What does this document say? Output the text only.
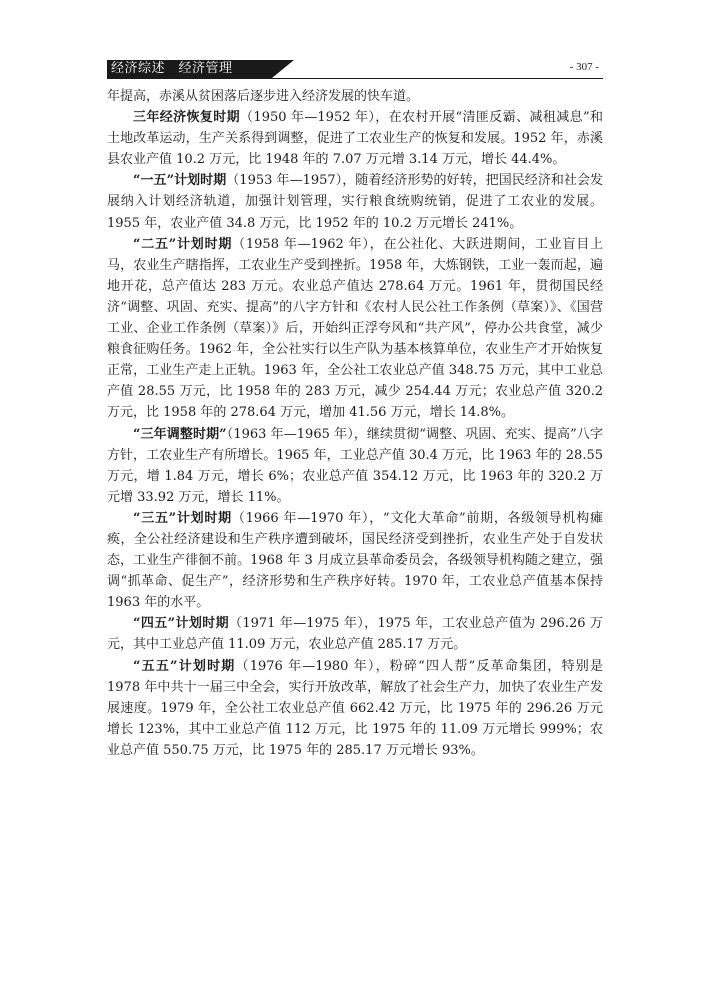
经济综述　经济管理	- 307 -

年提高，赤溪从贫困落后逐步进入经济发展的快车道。

三年经济恢复时期（1950 年—1952 年），在农村开展“清匪反霸、减租减息”和土地改革运动，生产关系得到调整，促进了工农业生产的恢复和发展。1952 年，赤溪县农业产值 10.2 万元，比 1948 年的 7.07 万元增 3.14 万元，增长 44.4%。

“一五”计划时期（1953 年—1957），随着经济形势的好转，把国民经济和社会发展纳入计划经济轨道，加强计划管理，实行粮食统购统销，促进了工农业的发展。1955 年，农业产值 34.8 万元，比 1952 年的 10.2 万元增长 241%。

“二五”计划时期（1958 年—1962 年），在公社化、大跃进期间，工业盲目上马，农业生产瞎指挥，工农业生产受到挫折。1958 年，大炼钢铁，工业一轰而起，遍地开花，总产值达 283 万元。农业总产值达 278.64 万元。1961 年，贯彻国民经济“调整、巩固、充实、提高”的八字方针和《农村人民公社工作条例（草案）》、《国营工业、企业工作条例（草案）》后，开始纠正浮夸风和“共产风”，停办公共食堂，减少粮食征购任务。1962 年，全公社实行以生产队为基本核算单位，农业生产才开始恢复正常，工业生产走上正轨。1963 年，全公社工农业总产值 348.75 万元，其中工业总产值 28.55 万元，比 1958 年的 283 万元，减少 254.44 万元；农业总产值 320.2 万元，比 1958 年的 278.64 万元，增加 41.56 万元，增长 14.8%。

“三年调整时期”（1963 年—1965 年），继续贯彻“调整、巩固、充实、提高”八字方针，工农业生产有所增长。1965 年，工业总产值 30.4 万元，比 1963 年的 28.55 万元，增 1.84 万元，增长 6%；农业总产值 354.12 万元，比 1963 年的 320.2 万元增 33.92 万元，增长 11%。

“三五”计划时期（1966 年—1970 年），“文化大革命”前期，各级领导机构瘫痪，全公社经济建设和生产秩序遭到破坏，国民经济受到挫折，农业生产处于自发状态，工业生产徘徊不前。1968 年 3 月成立县革命委员会，各级领导机构随之建立，强调“抓革命、促生产”，经济形势和生产秩序好转。1970 年，工农业总产值基本保持 1963 年的水平。

“四五”计划时期（1971 年—1975 年），1975 年，工农业总产值为 296.26 万元，其中工业总产值 11.09 万元，农业总产值 285.17 万元。

“五五”计划时期（1976 年—1980 年），粉碎“四人帮”反革命集团，特别是 1978 年中共十一届三中全会，实行开放改革，解放了社会生产力，加快了农业生产发展速度。1979 年，全公社工农业总产值 662.42 万元，比 1975 年的 296.26 万元增长 123%，其中工业总产值 112 万元，比 1975 年的 11.09 万元增长 999%；农业总产值 550.75 万元，比 1975 年的 285.17 万元增长 93%。
